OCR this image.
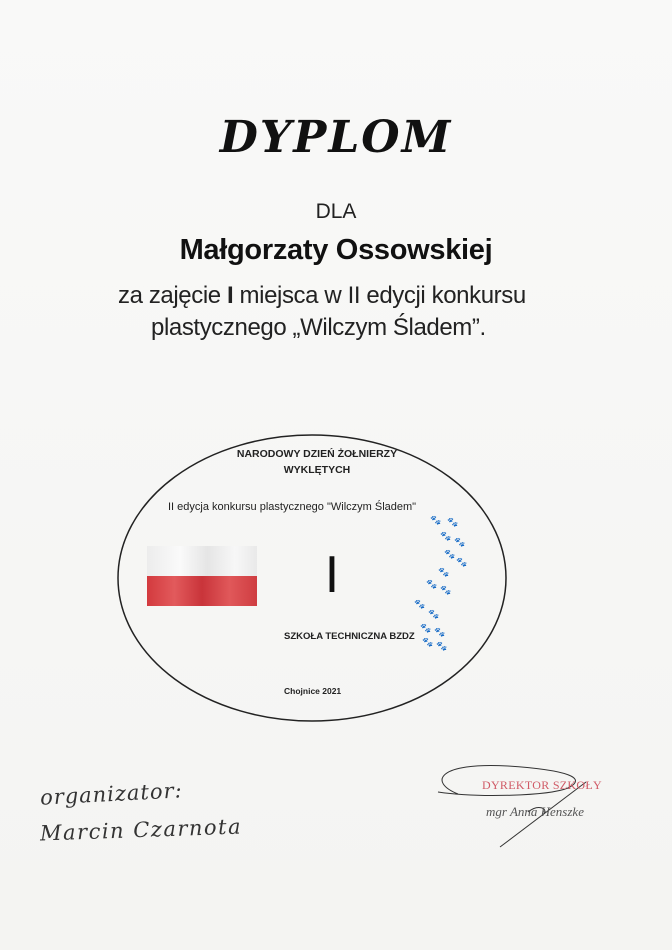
DYPLOM
DLA
Małgorzaty Ossowskiej
za zajęcie I miejsca w II edycji konkursu
plastycznego „Wilczym Śladem”.
NARODOWY DZIEŃ ŻOŁNIERZY
WYKLĘTYCH
II edycja konkursu plastycznego "Wilczym Śladem"
I
SZKOŁA TECHNICZNA BZDZ
Chojnice 2021
🐾 🐾
🐾
🐾
🐾
🐾
🐾
🐾
🐾
🐾
🐾
🐾 🐾
🐾 🐾
organizator:
Marcin Czarnota
DYREKTOR SZKOŁY
mgr Anna Henszke
